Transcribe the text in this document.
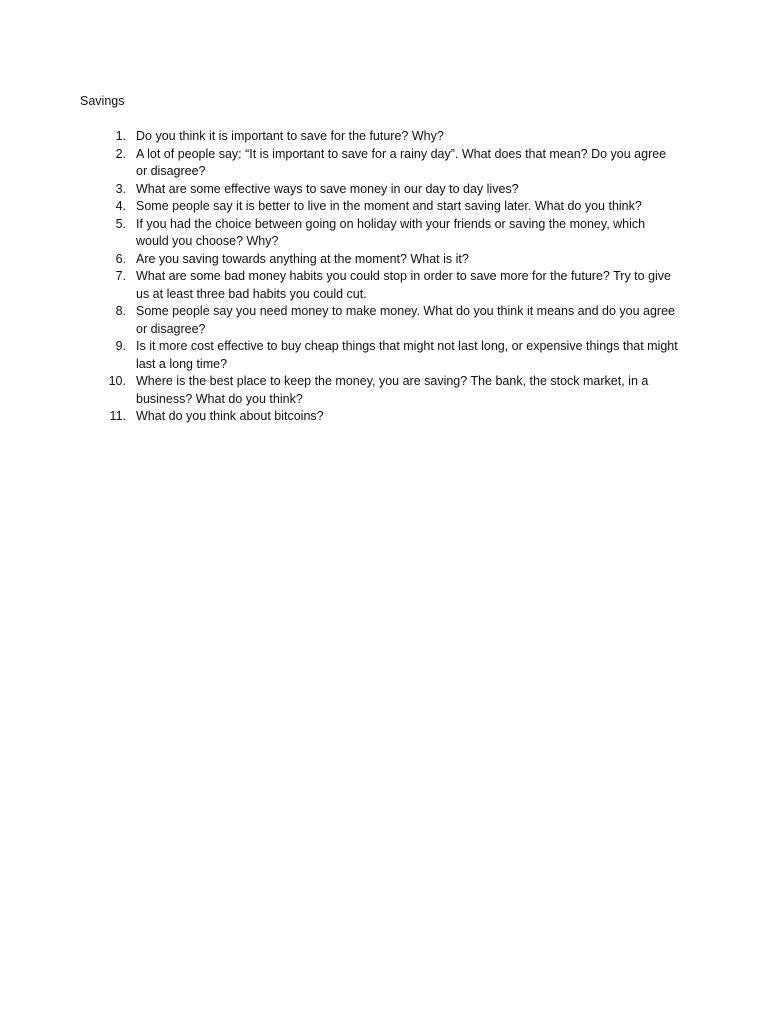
Savings
1. Do you think it is important to save for the future? Why?
2. A lot of people say: “It is important to save for a rainy day”. What does that mean? Do you agree or disagree?
3. What are some effective ways to save money in our day to day lives?
4. Some people say it is better to live in the moment and start saving later. What do you think?
5. If you had the choice between going on holiday with your friends or saving the money, which would you choose? Why?
6. Are you saving towards anything at the moment? What is it?
7. What are some bad money habits you could stop in order to save more for the future? Try to give us at least three bad habits you could cut.
8. Some people say you need money to make money. What do you think it means and do you agree or disagree?
9. Is it more cost effective to buy cheap things that might not last long, or expensive things that might last a long time?
10. Where is the best place to keep the money, you are saving? The bank, the stock market, in a business? What do you think?
11. What do you think about bitcoins?
